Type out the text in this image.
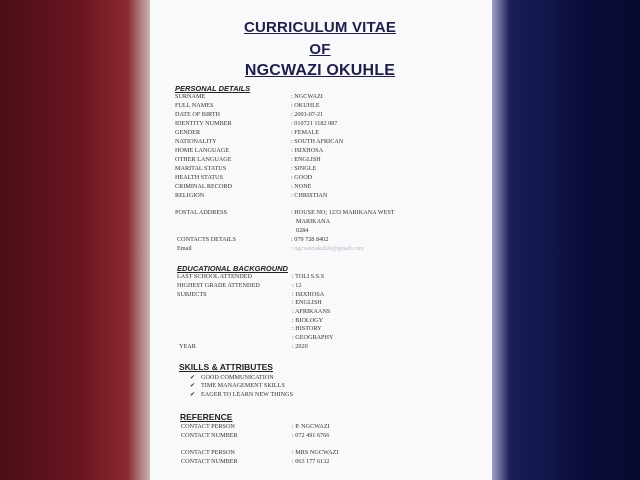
CURRICULUM VITAE
OF
NGCWAZI OKUHLE
PERSONAL DETAILS
SURNAME	: NGCWAZI
FULL NAMES	: OKUHLE
DATE OF BIRTH	: 2001-07-21
IDENTITY NUMBER	: 010721 1182 087
GENDER	: FEMALE
NATIONALITY	: SOUTH AFRICAN
HOME LANGUAGE	: ISIXHOSA
OTHER LANGUAGE	: ENGLISH
MARITAL STATUS	: SINGLE
HEALTH STATUS	: GOOD
CRIMINAL RECORD	: NONE
RELIGION	: CHRISTIAN
POSTAL ADDRESS	: HOUSE NO; 1233 MARIKANA WEST
MARIKANA
0284
CONTACTS DETAILS	: 079 728 8402
Email	: ngcwaziokuhle@gmail.com
EDUCATIONAL BACKGROUND
LAST SCHOOL ATTENDED	: TOLI S.S.S
HIGHEST GRADE ATTENDED	: 12
SUBJECTS	: ISIXHOSA
: ENGLISH
: AFRIKAANS
: BIOLOGY
: HISTORY
: GEOGRAPHY
YEAR	: 2020
SKILLS & ATTRIBUTES
✔ GOOD COMMUNICATION
✔ TIME MANAGEMENT SKILLS
✔ EAGER TO LEARN NEW THINGS
REFERENCE
CONTACT PERSON	: P. NGCWAZI
CONTACT NUMBER	: 072 491 6766
CONTACT PERSON	: MRS NGCWAZI
CONTACT NUMBER	: 063 177 6132
